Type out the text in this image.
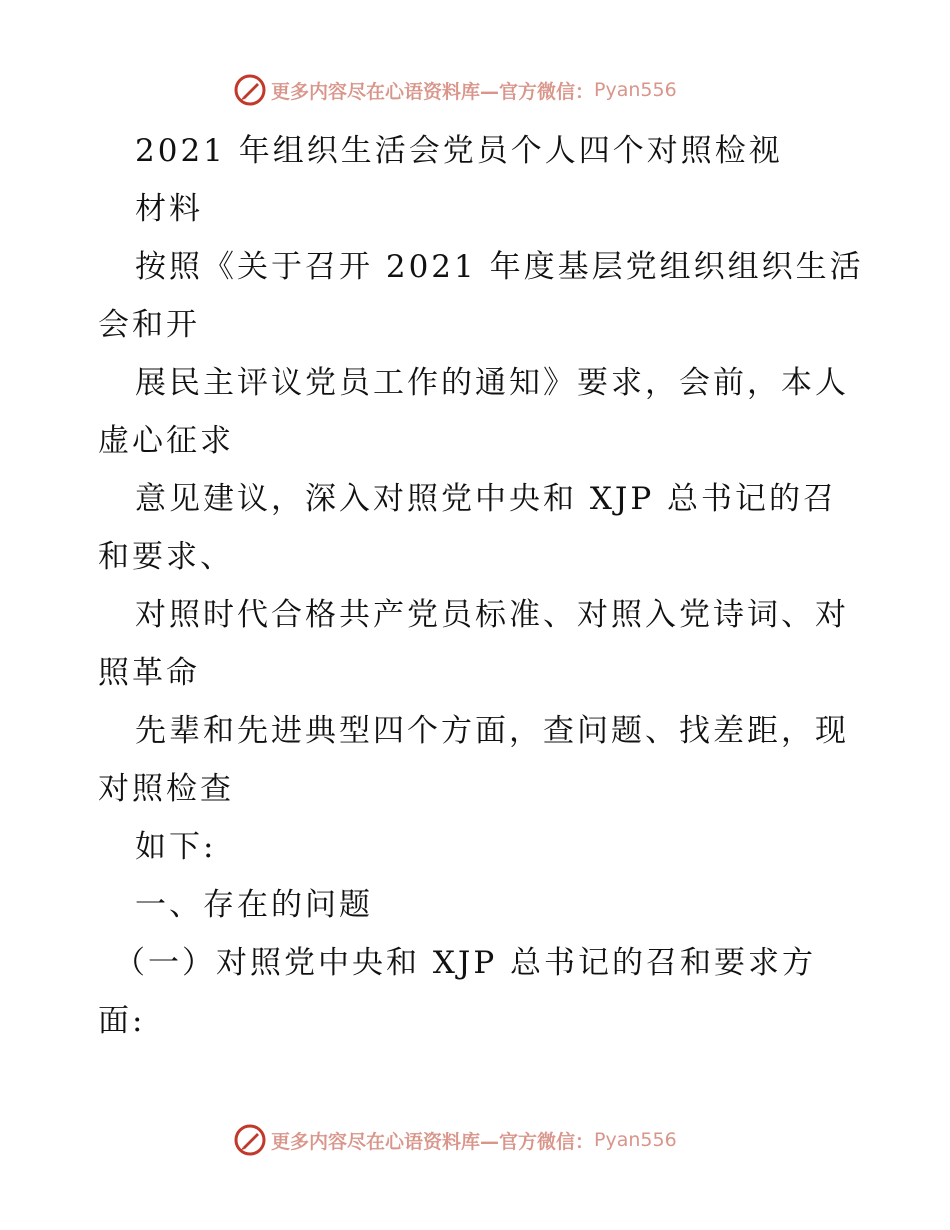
更多内容尽在心语资料库— 官方微信： Pyan556
2021 年组织生活会党员个人四个对照检视
材料
按照《关于召开 2021 年度基层党组织组织生活
会和开
展民主评议党员工作的通知》要求，会前，本人
虚心征求
意见建议，深入对照党中央和 XJP 总书记的召
和要求、
对照时代合格共产党员标准、对照入党诗词、对
照革命
先辈和先进典型四个方面，查问题、找差距，现
对照检查
如下:
一、存在的问题
（一）对照党中央和 XJP 总书记的召和要求方
面:
更多内容尽在心语资料库— 官方微信： Pyan556
